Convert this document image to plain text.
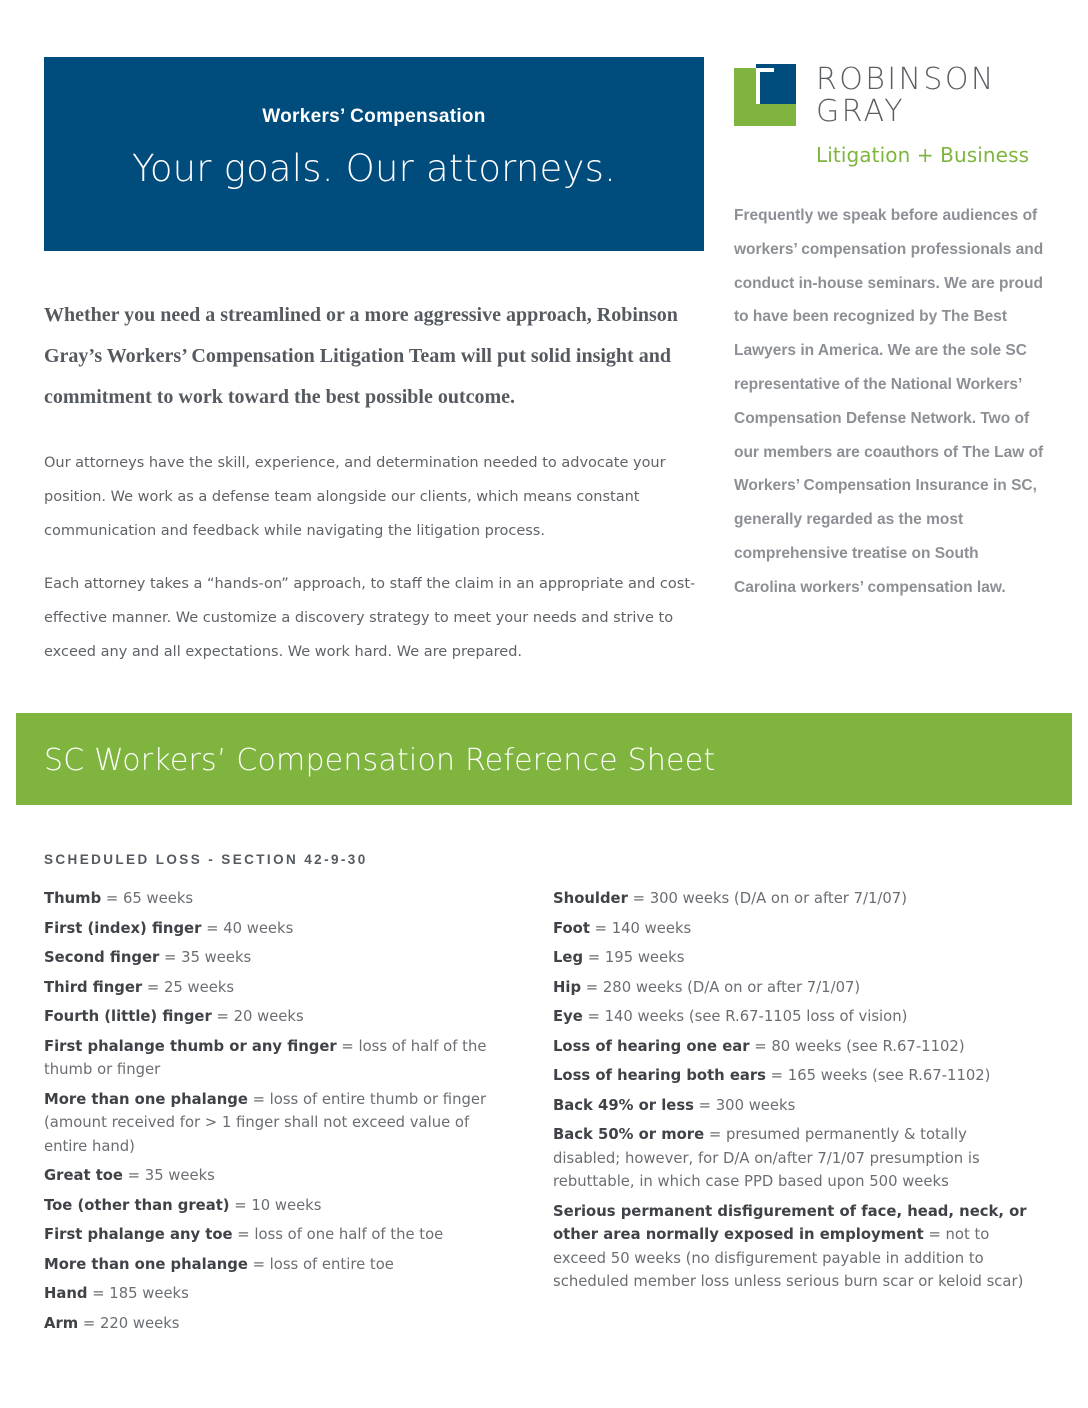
Workers’ Compensation
Your goals. Our attorneys.
ROBINSON
GRAY
Litigation + Business
Frequently we speak before audiences of workers’ compensation professionals and conduct in-house seminars. We are proud to have been recognized by The Best Lawyers in America. We are the sole SC representative of the National Workers’ Compensation Defense Network. Two of our members are coauthors of The Law of Workers’ Compensation Insurance in SC, generally regarded as the most comprehensive treatise on South Carolina workers’ compensation law.
Whether you need a streamlined or a more aggressive approach, Robinson Gray’s Workers’ Compensation Litigation Team will put solid insight and commitment to work toward the best possible outcome.
Our attorneys have the skill, experience, and determination needed to advocate your position. We work as a defense team alongside our clients, which means constant communication and feedback while navigating the litigation process.
Each attorney takes a “hands-on” approach, to staff the claim in an appropriate and cost-effective manner. We customize a discovery strategy to meet your needs and strive to exceed any and all expectations. We work hard. We are prepared.
SC Workers’ Compensation Reference Sheet
SCHEDULED LOSS - SECTION 42-9-30
Thumb = 65 weeks
First (index) finger = 40 weeks
Second finger = 35 weeks
Third finger = 25 weeks
Fourth (little) finger = 20 weeks
First phalange thumb or any finger = loss of half of the thumb or finger
More than one phalange = loss of entire thumb or finger (amount received for > 1 finger shall not exceed value of entire hand)
Great toe = 35 weeks
Toe (other than great) = 10 weeks
First phalange any toe = loss of one half of the toe
More than one phalange = loss of entire toe
Hand = 185 weeks
Arm = 220 weeks
Shoulder = 300 weeks (D/A on or after 7/1/07)
Foot = 140 weeks
Leg = 195 weeks
Hip = 280 weeks (D/A on or after 7/1/07)
Eye = 140 weeks (see R.67-1105 loss of vision)
Loss of hearing one ear = 80 weeks (see R.67-1102)
Loss of hearing both ears = 165 weeks (see R.67-1102)
Back 49% or less = 300 weeks
Back 50% or more = presumed permanently & totally disabled; however, for D/A on/after 7/1/07 presumption is rebuttable, in which case PPD based upon 500 weeks
Serious permanent disfigurement of face, head, neck, or other area normally exposed in employment = not to exceed 50 weeks (no disfigurement payable in addition to scheduled member loss unless serious burn scar or keloid scar)
